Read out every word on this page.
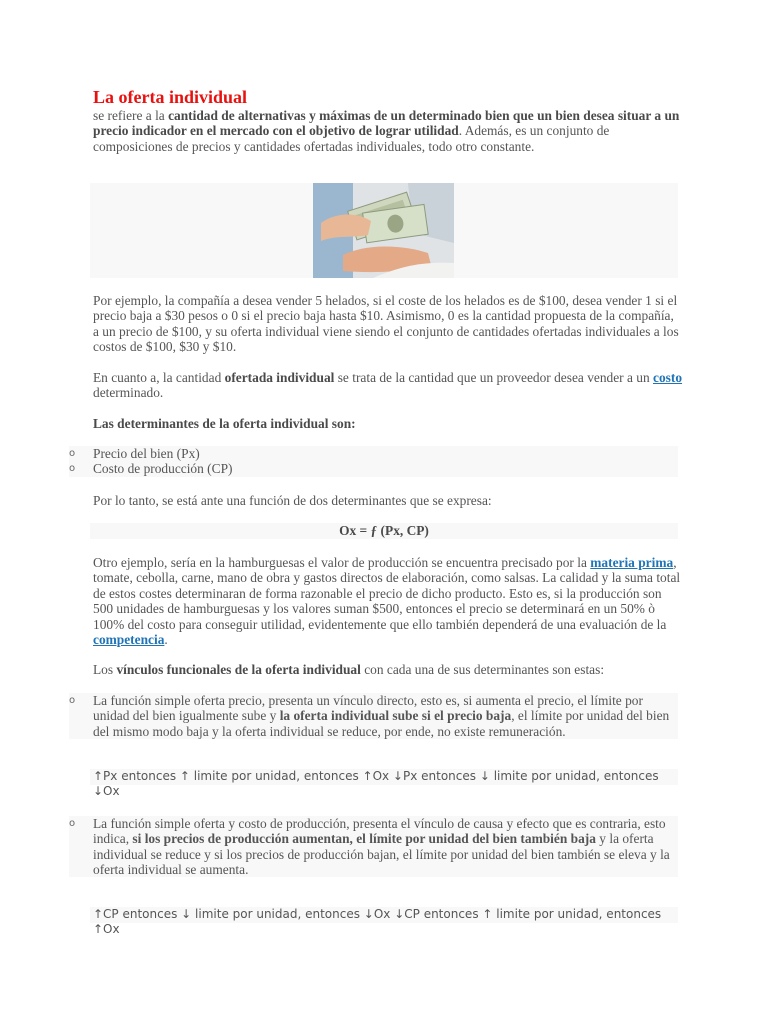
La oferta individual

se refiere a la cantidad de alternativas y máximas de un determinado bien que un bien desea situar a un precio indicador en el mercado con el objetivo de lograr utilidad. Además, es un conjunto de composiciones de precios y cantidades ofertadas individuales, todo otro constante.

Por ejemplo, la compañía a desea vender 5 helados, si el coste de los helados es de $100, desea vender 1 si el precio baja a $30 pesos o 0 si el precio baja hasta $10. Asimismo, 0 es la cantidad propuesta de la compañía, a un precio de $100, y su oferta individual viene siendo el conjunto de cantidades ofertadas individuales a los costos de $100, $30 y $10.

En cuanto a, la cantidad ofertada individual se trata de la cantidad que un proveedor desea vender a un costo determinado.

Las determinantes de la oferta individual son:

o Precio del bien (Px)
o Costo de producción (CP)

Por lo tanto, se está ante una función de dos determinantes que se expresa:

Ox = ƒ (Px, CP)

Otro ejemplo, sería en la hamburguesas el valor de producción se encuentra precisado por la materia prima, tomate, cebolla, carne, mano de obra y gastos directos de elaboración, como salsas. La calidad y la suma total de estos costes determinaran de forma razonable el precio de dicho producto. Esto es, si la producción son 500 unidades de hamburguesas y los valores suman $500, entonces el precio se determinará en un 50% ò 100% del costo para conseguir utilidad, evidentemente que ello también dependerá de una evaluación de la competencia.

Los vínculos funcionales de la oferta individual con cada una de sus determinantes son estas:

o La función simple oferta precio, presenta un vínculo directo, esto es, si aumenta el precio, el límite por unidad del bien igualmente sube y la oferta individual sube si el precio baja, el límite por unidad del bien del mismo modo baja y la oferta individual se reduce, por ende, no existe remuneración.

↑Px entonces ↑ limite por unidad, entonces ↑Ox ↓Px entonces ↓ limite por unidad, entonces ↓Ox
o La función simple oferta y costo de producción, presenta el vínculo de causa y efecto que es contraria, esto indica, si los precios de producción aumentan, el límite por unidad del bien también baja y la oferta individual se reduce y si los precios de producción bajan, el límite por unidad del bien también se eleva y la oferta individual se aumenta.

↑CP entonces ↓ limite por unidad, entonces ↓Ox ↓CP entonces ↑ limite por unidad, entonces ↑Ox
